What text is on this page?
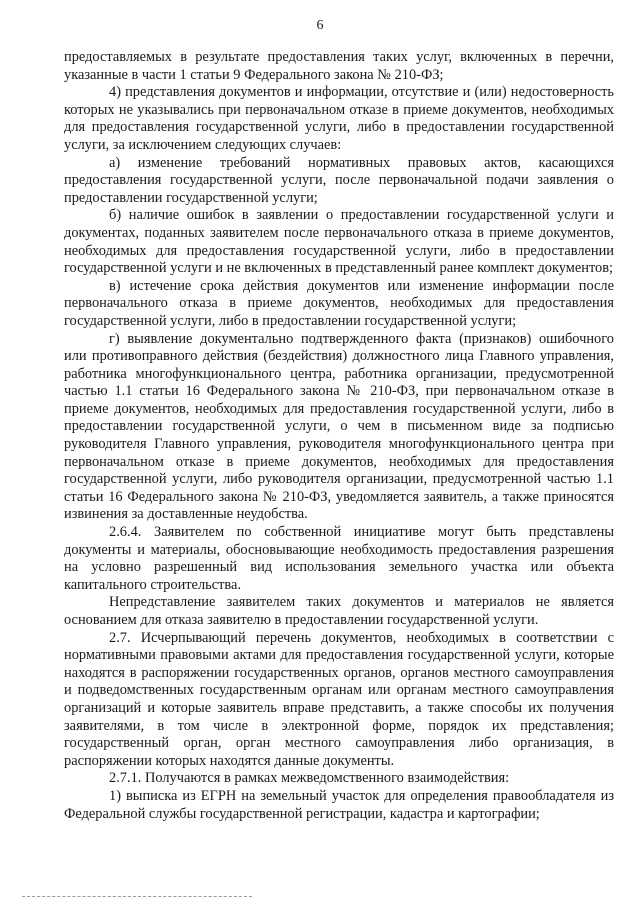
6

предоставляемых в результате предоставления таких услуг, включенных в перечни, указанные в части 1 статьи 9 Федерального закона № 210-ФЗ;

4) представления документов и информации, отсутствие и (или) недостоверность которых не указывались при первоначальном отказе в приеме документов, необходимых для предоставления государственной услуги, либо в предоставлении государственной услуги, за исключением следующих случаев:

а) изменение требований нормативных правовых актов, касающихся предоставления государственной услуги, после первоначальной подачи заявления о предоставлении государственной услуги;

б) наличие ошибок в заявлении о предоставлении государственной услуги и документах, поданных заявителем после первоначального отказа в приеме документов, необходимых для предоставления государственной услуги, либо в предоставлении государственной услуги и не включенных в представленный ранее комплект документов;

в) истечение срока действия документов или изменение информации после первоначального отказа в приеме документов, необходимых для предоставления государственной услуги, либо в предоставлении государственной услуги;

г) выявление документально подтвержденного факта (признаков) ошибочного или противоправного действия (бездействия) должностного лица Главного управления, работника многофункционального центра, работника организации, предусмотренной частью 1.1 статьи 16 Федерального закона № 210-ФЗ, при первоначальном отказе в приеме документов, необходимых для предоставления государственной услуги, либо в предоставлении государственной услуги, о чем в письменном виде за подписью руководителя Главного управления, руководителя многофункционального центра при первоначальном отказе в приеме документов, необходимых для предоставления государственной услуги, либо руководителя организации, предусмотренной частью 1.1 статьи 16 Федерального закона № 210-ФЗ, уведомляется заявитель, а также приносятся извинения за доставленные неудобства.

2.6.4. Заявителем по собственной инициативе могут быть представлены документы и материалы, обосновывающие необходимость предоставления разрешения на условно разрешенный вид использования земельного участка или объекта капитального строительства.

Непредставление заявителем таких документов и материалов не является основанием для отказа заявителю в предоставлении государственной услуги.

2.7. Исчерпывающий перечень документов, необходимых в соответствии с нормативными правовыми актами для предоставления государственной услуги, которые находятся в распоряжении государственных органов, органов местного самоуправления и подведомственных государственным органам или органам местного самоуправления организаций и которые заявитель вправе представить, а также способы их получения заявителями, в том числе в электронной форме, порядок их представления; государственный орган, орган местного самоуправления либо организация, в распоряжении которых находятся данные документы.

2.7.1. Получаются в рамках межведомственного взаимодействия:

1) выписка из ЕГРН на земельный участок для определения правообладателя из Федеральной службы государственной регистрации, кадастра и картографии;
